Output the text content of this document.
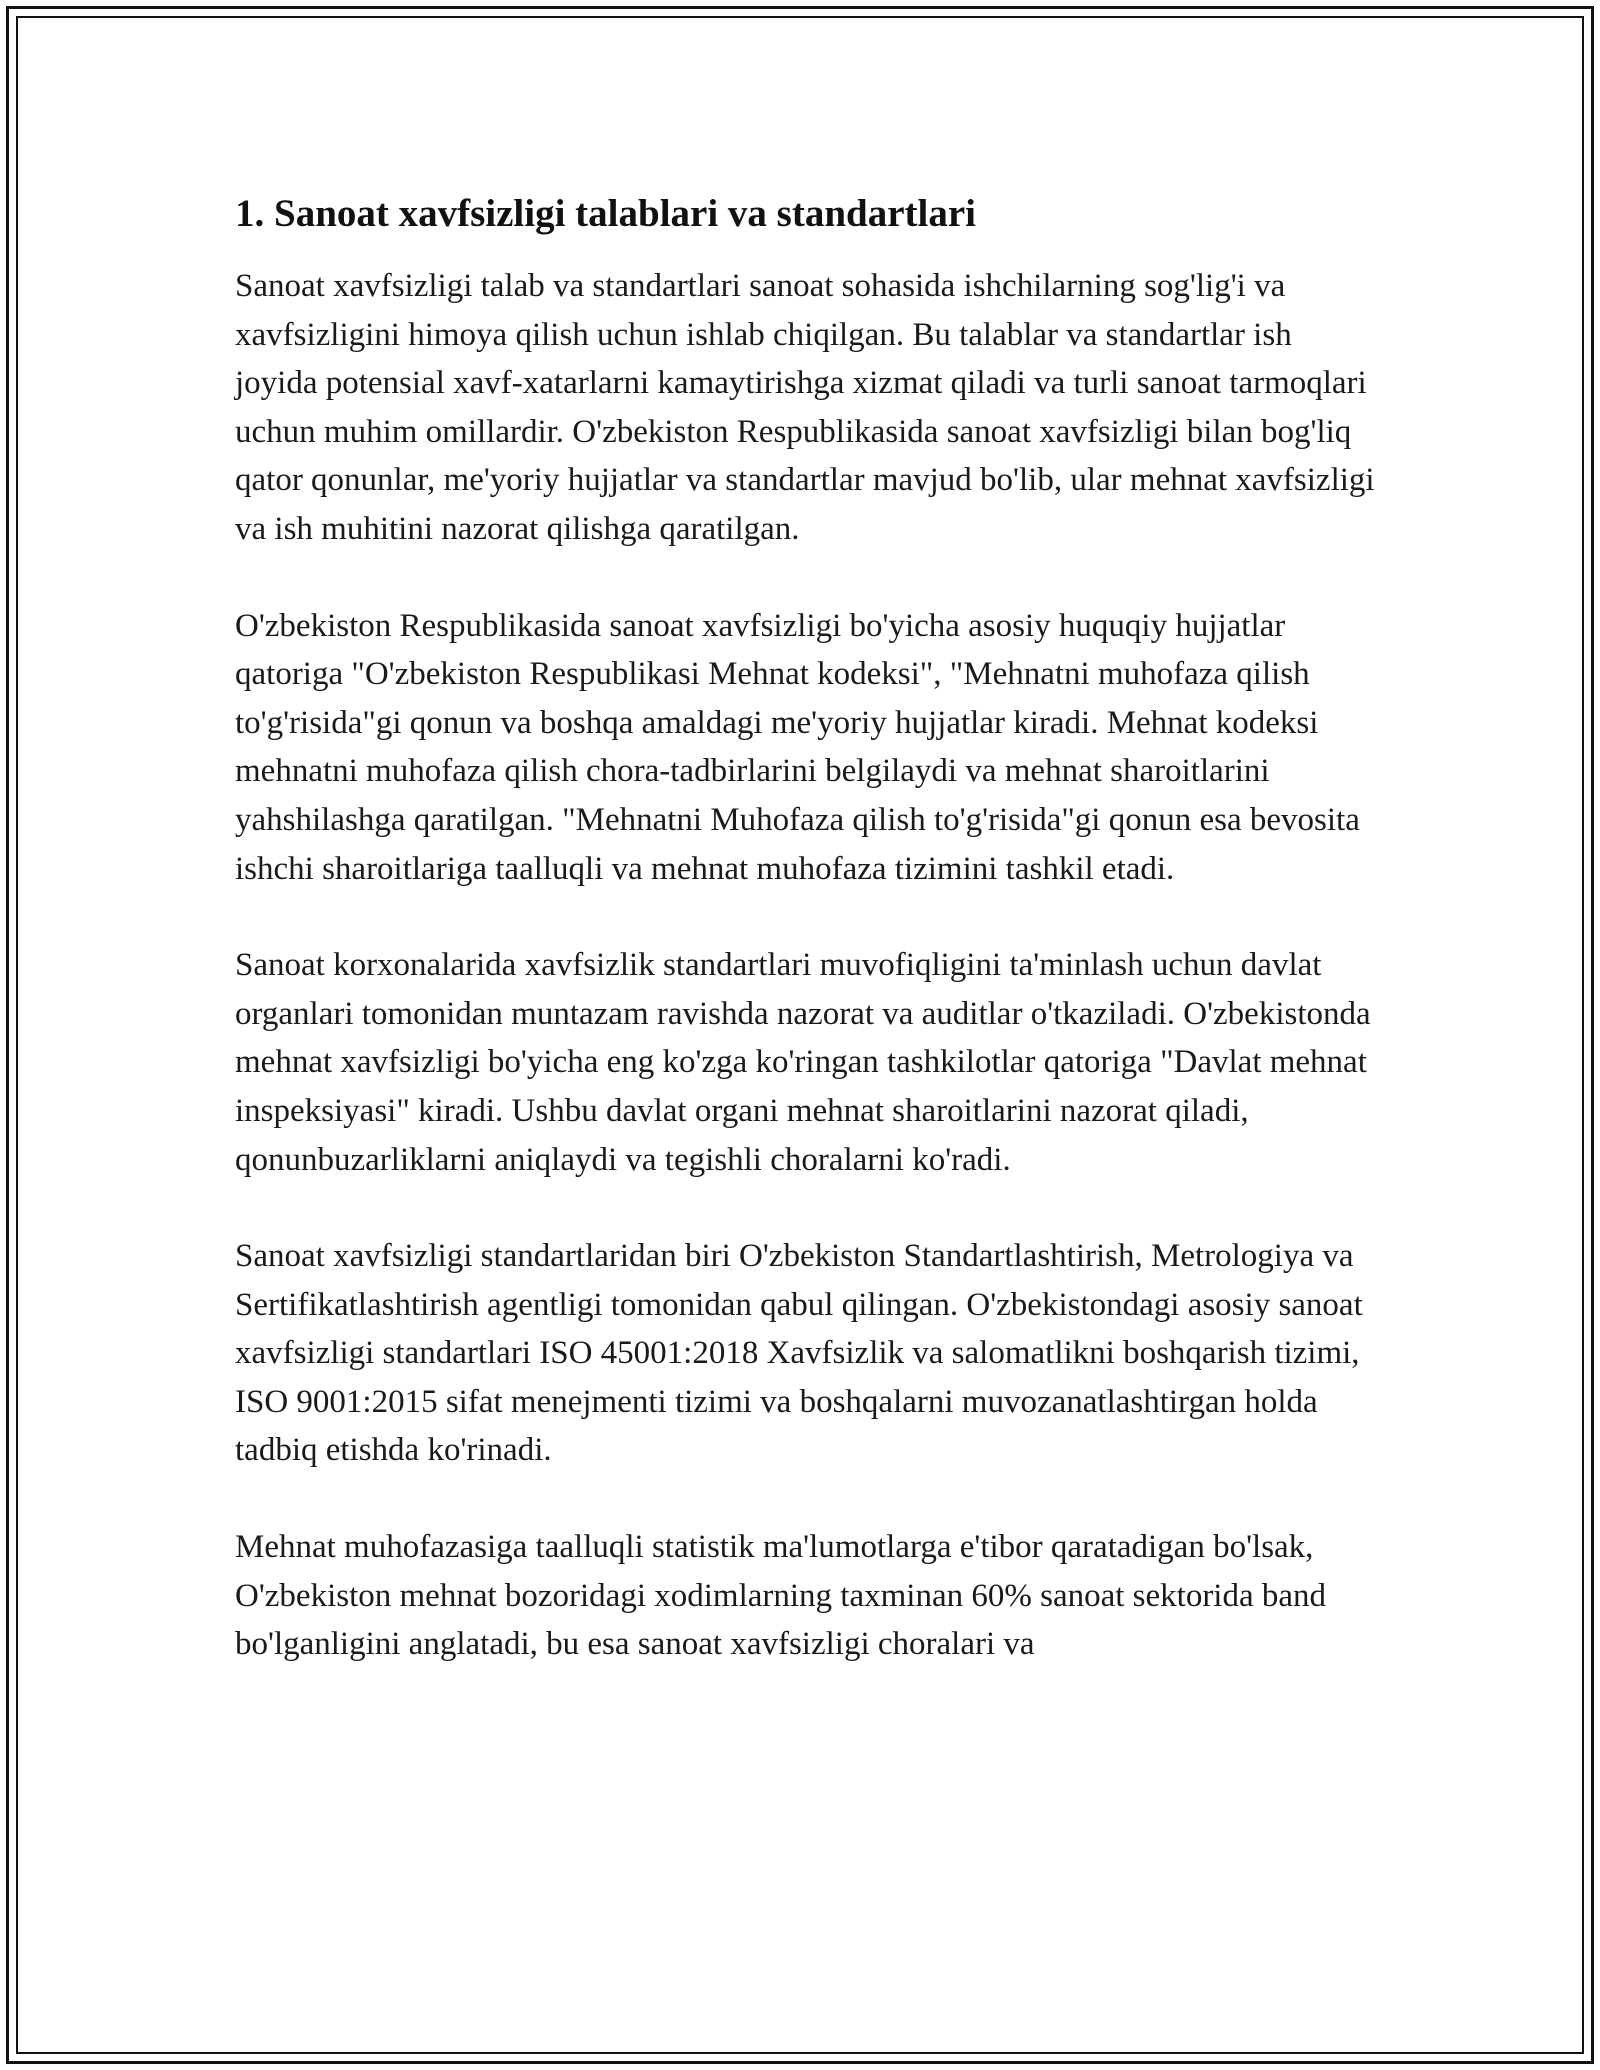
1. Sanoat xavfsizligi talablari va standartlari

Sanoat xavfsizligi talab va standartlari sanoat sohasida ishchilarning sog'lig'i va xavfsizligini himoya qilish uchun ishlab chiqilgan. Bu talablar va standartlar ish joyida potensial xavf-xatarlarni kamaytirishga xizmat qiladi va turli sanoat tarmoqlari uchun muhim omillardir. O'zbekiston Respublikasida sanoat xavfsizligi bilan bog'liq qator qonunlar, me'yoriy hujjatlar va standartlar mavjud bo'lib, ular mehnat xavfsizligi va ish muhitini nazorat qilishga qaratilgan.

O'zbekiston Respublikasida sanoat xavfsizligi bo'yicha asosiy huquqiy hujjatlar qatoriga "O'zbekiston Respublikasi Mehnat kodeksi", "Mehnatni muhofaza qilish to'g'risida"gi qonun va boshqa amaldagi me'yoriy hujjatlar kiradi. Mehnat kodeksi mehnatni muhofaza qilish chora-tadbirlarini belgilaydi va mehnat sharoitlarini yahshilashga qaratilgan. "Mehnatni Muhofaza qilish to'g'risida"gi qonun esa bevosita ishchi sharoitlariga taalluqli va mehnat muhofaza tizimini tashkil etadi.

Sanoat korxonalarida xavfsizlik standartlari muvofiqligini ta'minlash uchun davlat organlari tomonidan muntazam ravishda nazorat va auditlar o'tkaziladi. O'zbekistonda mehnat xavfsizligi bo'yicha eng ko'zga ko'ringan tashkilotlar qatoriga "Davlat mehnat inspeksiyasi" kiradi. Ushbu davlat organi mehnat sharoitlarini nazorat qiladi, qonunbuzarliklarni aniqlaydi va tegishli choralarni ko'radi.

Sanoat xavfsizligi standartlaridan biri O'zbekiston Standartlashtirish, Metrologiya va Sertifikatlashtirish agentligi tomonidan qabul qilingan. O'zbekistondagi asosiy sanoat xavfsizligi standartlari ISO 45001:2018 Xavfsizlik va salomatlikni boshqarish tizimi, ISO 9001:2015 sifat menejmenti tizimi va boshqalarni muvozanatlashtirgan holda tadbiq etishda ko'rinadi.

Mehnat muhofazasiga taalluqli statistik ma'lumotlarga e'tibor qaratadigan bo'lsak, O'zbekiston mehnat bozoridagi xodimlarning taxminan 60% sanoat sektorida band bo'lganligini anglatadi, bu esa sanoat xavfsizligi choralari va
